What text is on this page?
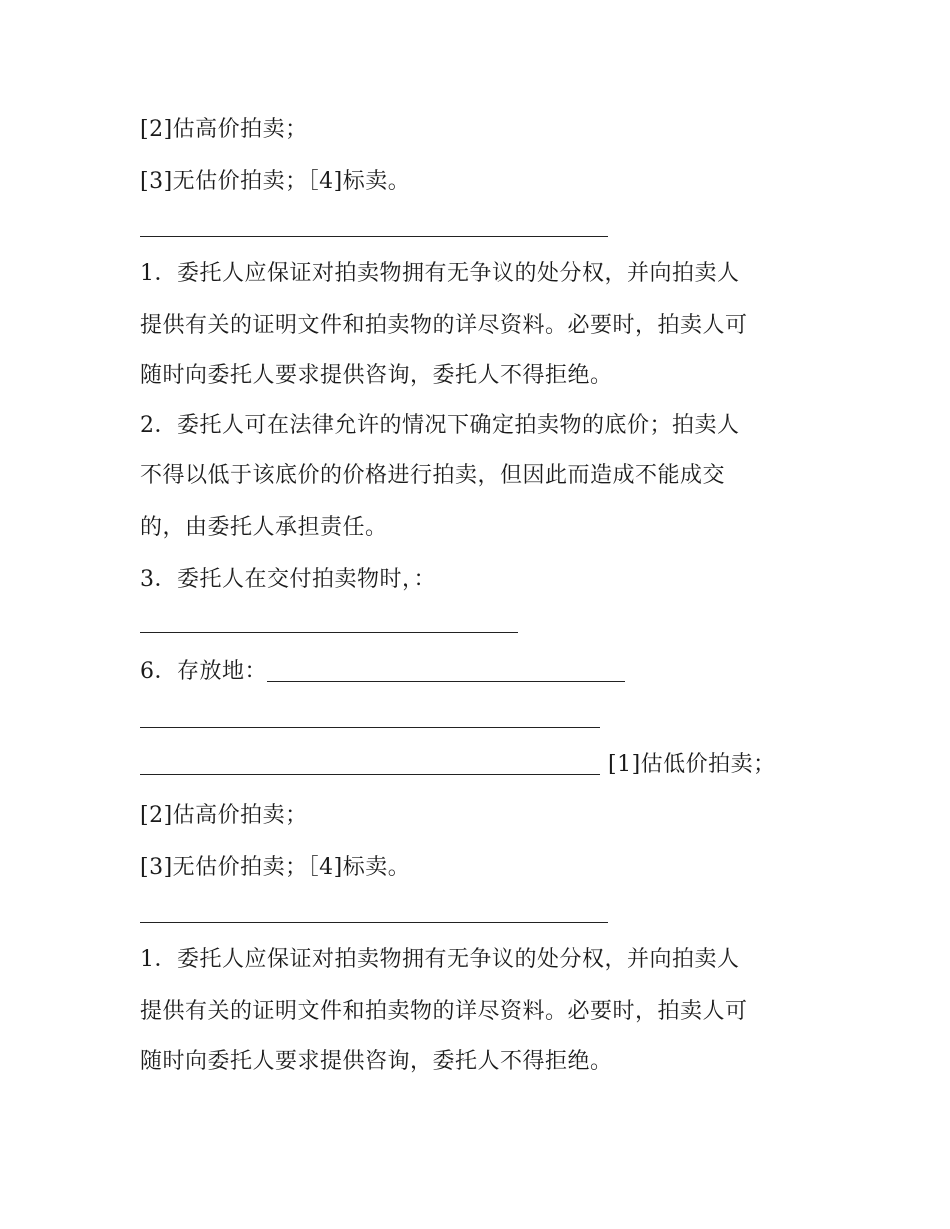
[2]估高价拍卖；
[3]无估价拍卖；［4]标卖。
1．委托人应保证对拍卖物拥有无争议的处分权，并向拍卖人
提供有关的证明文件和拍卖物的详尽资料。必要时，拍卖人可
随时向委托人要求提供咨询，委托人不得拒绝。
2．委托人可在法律允许的情况下确定拍卖物的底价；拍卖人
不得以低于该底价的价格进行拍卖，但因此而造成不能成交
的，由委托人承担责任。
3．委托人在交付拍卖物时，：
6．存放地：
[1]估低价拍卖；
[2]估高价拍卖；
[3]无估价拍卖；［4]标卖。
1．委托人应保证对拍卖物拥有无争议的处分权，并向拍卖人
提供有关的证明文件和拍卖物的详尽资料。必要时，拍卖人可
随时向委托人要求提供咨询，委托人不得拒绝。
